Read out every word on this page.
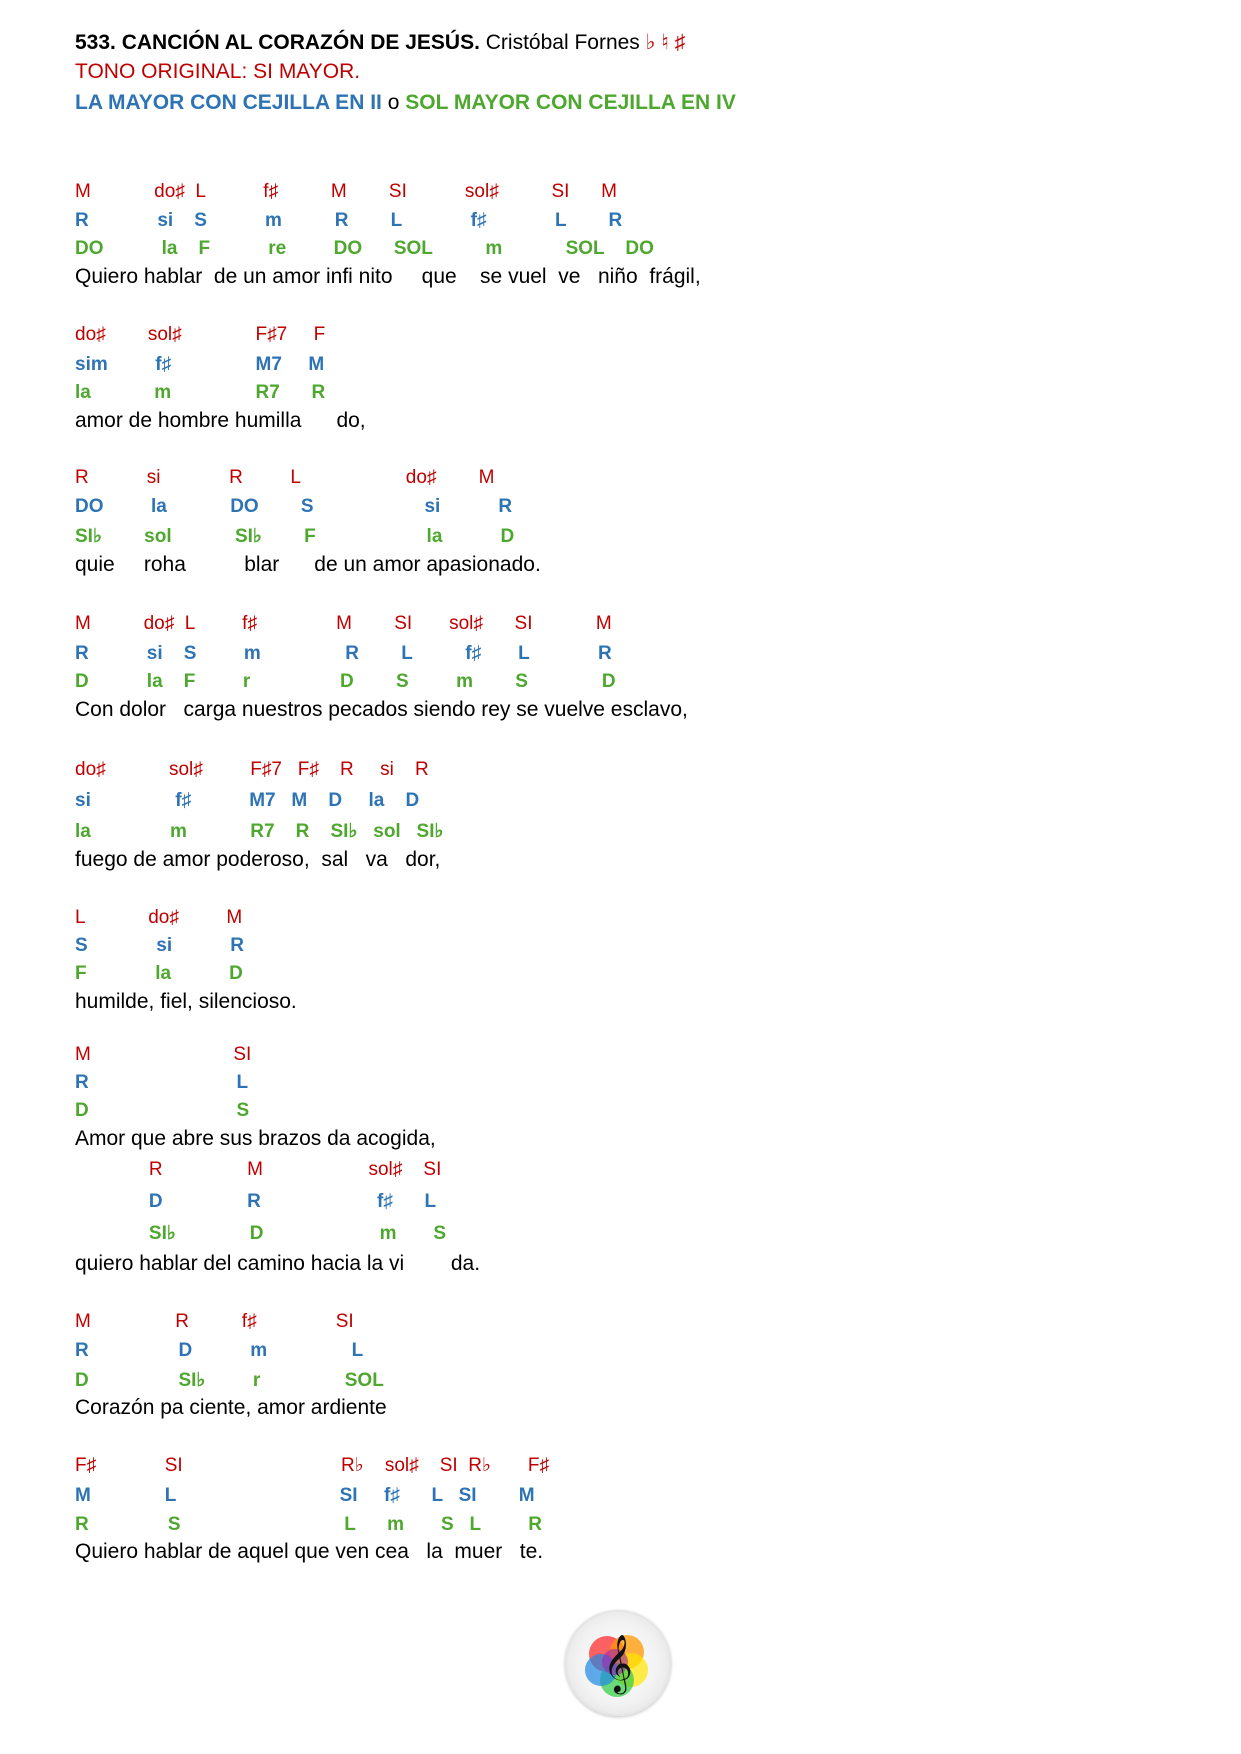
533. CANCIÓN AL CORAZÓN DE JESÚS. Cristóbal Fornes ♭ ♮ ♯
TONO ORIGINAL: SI MAYOR.
LA MAYOR CON CEJILLA EN II o SOL MAYOR CON CEJILLA EN IV
M            do♯  L           f♯          M        SI           sol♯          SI      M
R             si    S           m          R        L             f♯             L        R
DO           la    F           re         DO      SOL          m            SOL    DO
Quiero hablar  de un amor infi nito     que    se vuel  ve   niño  frágil,
do♯        sol♯              F♯7     F
sim         f♯                M7     M
la            m                R7      R
amor de hombre humilla      do,
R           si             R         L                    do♯        M
DO         la            DO        S                     si           R
SI♭        sol            SI♭        F                     la           D
quie     roha          blar      de un amor apasionado.
M          do♯  L         f♯               M        SI       sol♯      SI            M
R           si    S         m                R        L          f♯       L             R
D           la    F         r                 D        S         m        S              D
Con dolor   carga nuestros pecados siendo rey se vuelve esclavo,
do♯            sol♯         F♯7   F♯    R     si    R
si                f♯           M7   M    D     la    D
la               m            R7    R    SI♭   sol   SI♭
fuego de amor poderoso,  sal   va   dor,
L            do♯         M
S             si           R
F             la           D
humilde, fiel, silencioso.
M                           SI
R                            L
D                            S
Amor que abre sus brazos da acogida,
R                M                    sol♯    SI
D                R                      f♯      L
SI♭              D                      m       S
quiero hablar del camino hacia la vi        da.
M                R          f♯               SI
R                 D           m                L
D                 SI♭         r                SOL
Corazón pa ciente, amor ardiente
F♯             SI                              R♭    sol♯    SI  R♭       F♯
M              L                               SI     f♯      L   SI        M
R               S                               L      m       S   L         R
Quiero hablar de aquel que ven cea   la  muer   te.
𝄞
